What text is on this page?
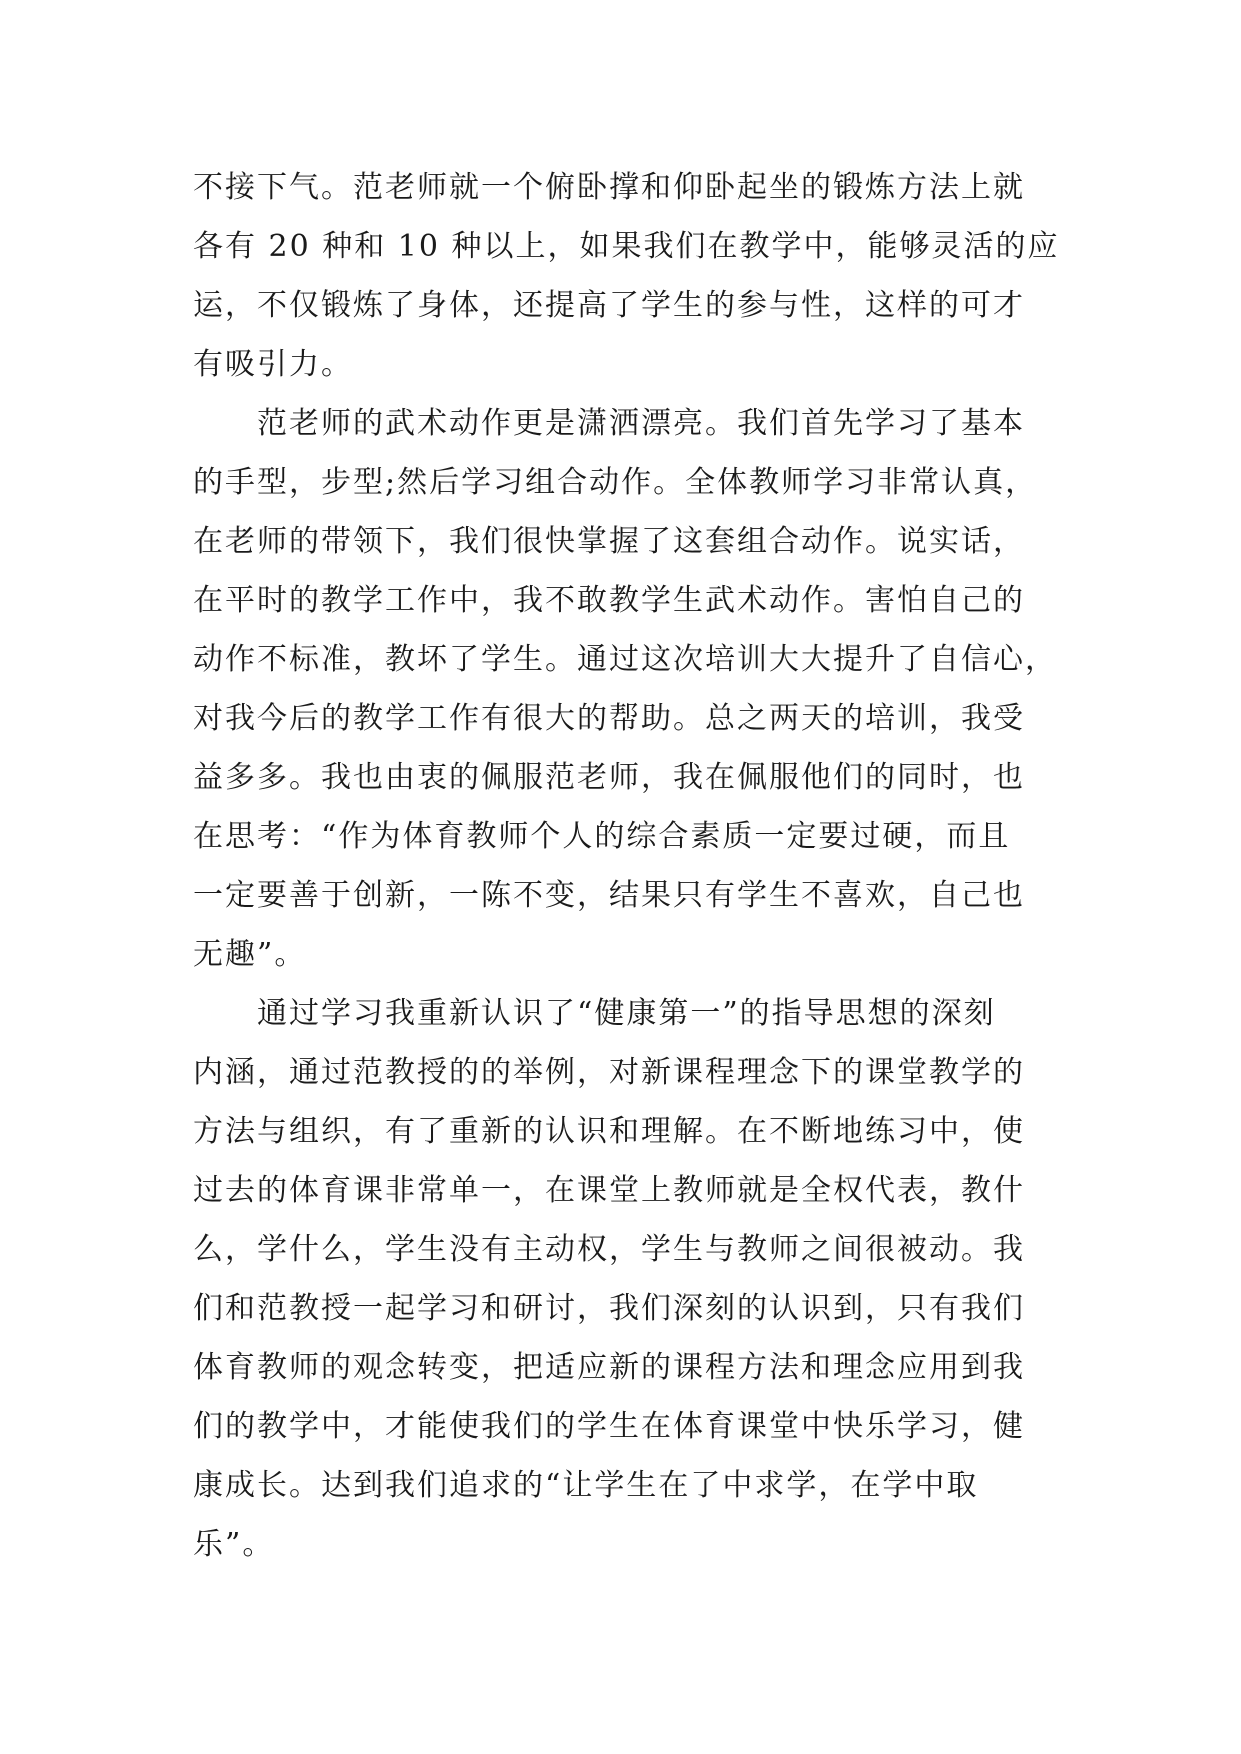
不接下气。范老师就一个俯卧撑和仰卧起坐的锻炼方法上就
各有 20 种和 10 种以上，如果我们在教学中，能够灵活的应
运，不仅锻炼了身体，还提高了学生的参与性，这样的可才
有吸引力。
范老师的武术动作更是潇洒漂亮。我们首先学习了基本
的手型，步型;然后学习组合动作。全体教师学习非常认真，
在老师的带领下，我们很快掌握了这套组合动作。说实话，
在平时的教学工作中，我不敢教学生武术动作。害怕自己的
动作不标准，教坏了学生。通过这次培训大大提升了自信心，
对我今后的教学工作有很大的帮助。总之两天的培训，我受
益多多。我也由衷的佩服范老师，我在佩服他们的同时，也
在思考：“作为体育教师个人的综合素质一定要过硬，而且
一定要善于创新，一陈不变，结果只有学生不喜欢，自己也
无趣”。
通过学习我重新认识了“健康第一”的指导思想的深刻
内涵，通过范教授的的举例，对新课程理念下的课堂教学的
方法与组织，有了重新的认识和理解。在不断地练习中，使
过去的体育课非常单一，在课堂上教师就是全权代表，教什
么，学什么，学生没有主动权，学生与教师之间很被动。我
们和范教授一起学习和研讨，我们深刻的认识到，只有我们
体育教师的观念转变，把适应新的课程方法和理念应用到我
们的教学中，才能使我们的学生在体育课堂中快乐学习，健
康成长。达到我们追求的“让学生在了中求学，在学中取
乐”。
